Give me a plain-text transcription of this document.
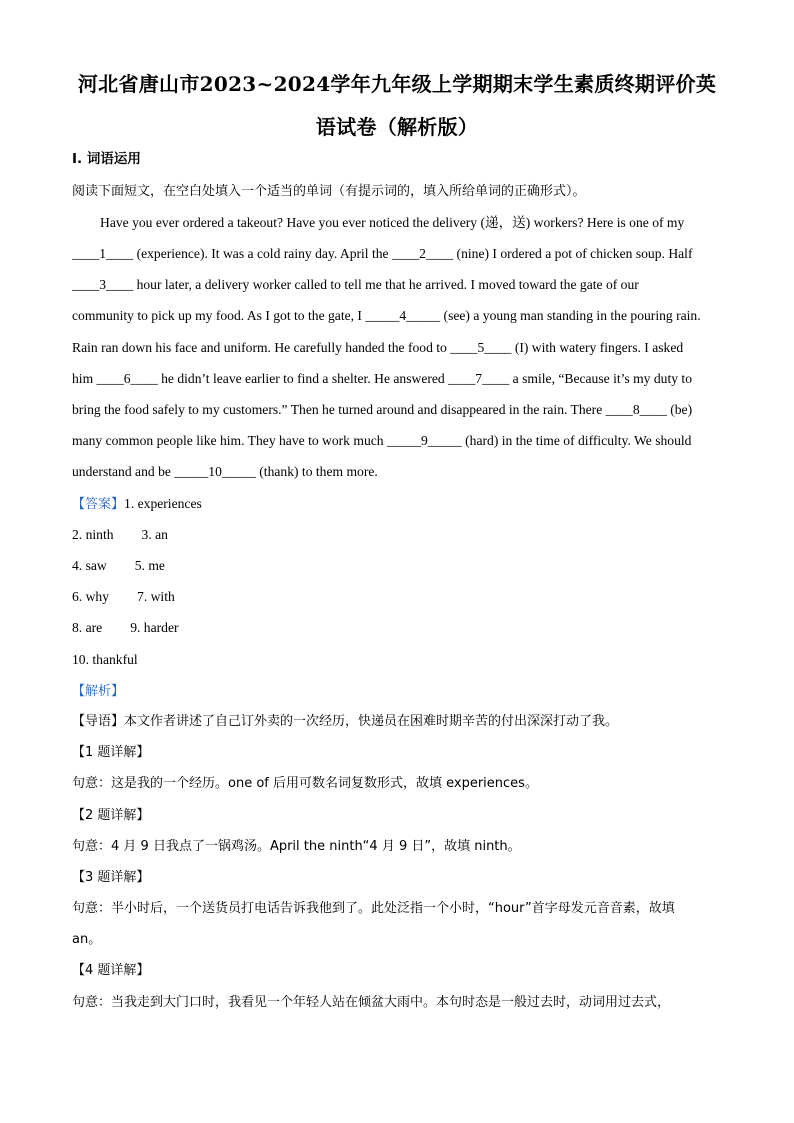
河北省唐山市2023~2024学年九年级上学期期末学生素质终期评价英
语试卷（解析版）
I. 词语运用
阅读下面短文，在空白处填入一个适当的单词（有提示词的，填入所给单词的正确形式）。
Have you ever ordered a takeout? Have you ever noticed the delivery (递，送) workers? Here is one of my
____1____ (experience). It was a cold rainy day. April the ____2____ (nine) I ordered a pot of chicken soup. Half
____3____ hour later, a delivery worker called to tell me that he arrived. I moved toward the gate of our
community to pick up my food. As I got to the gate, I _____4_____ (see) a young man standing in the pouring rain.
Rain ran down his face and uniform. He carefully handed the food to ____5____ (I) with watery fingers. I asked
him ____6____ he didn’t leave earlier to find a shelter. He answered ____7____ a smile, “Because it’s my duty to
bring the food safely to my customers.” Then he turned around and disappeared in the rain. There ____8____ (be)
many common people like him. They have to work much _____9_____ (hard) in the time of difficulty. We should
understand and be _____10_____ (thank) to them more.
【答案】1. experiences
2. ninth 3. an
4. saw 5. me
6. why 7. with
8. are 9. harder
10. thankful
【解析】
【导语】本文作者讲述了自己订外卖的一次经历，快递员在困难时期辛苦的付出深深打动了我。
【1 题详解】
句意：这是我的一个经历。one of 后用可数名词复数形式，故填 experiences。
【2 题详解】
句意：4 月 9 日我点了一锅鸡汤。April the ninth“4 月 9 日”，故填 ninth。
【3 题详解】
句意：半小时后，一个送货员打电话告诉我他到了。此处泛指一个小时，“hour”首字母发元音音素，故填
an。
【4 题详解】
句意：当我走到大门口时，我看见一个年轻人站在倾盆大雨中。本句时态是一般过去时，动词用过去式，
